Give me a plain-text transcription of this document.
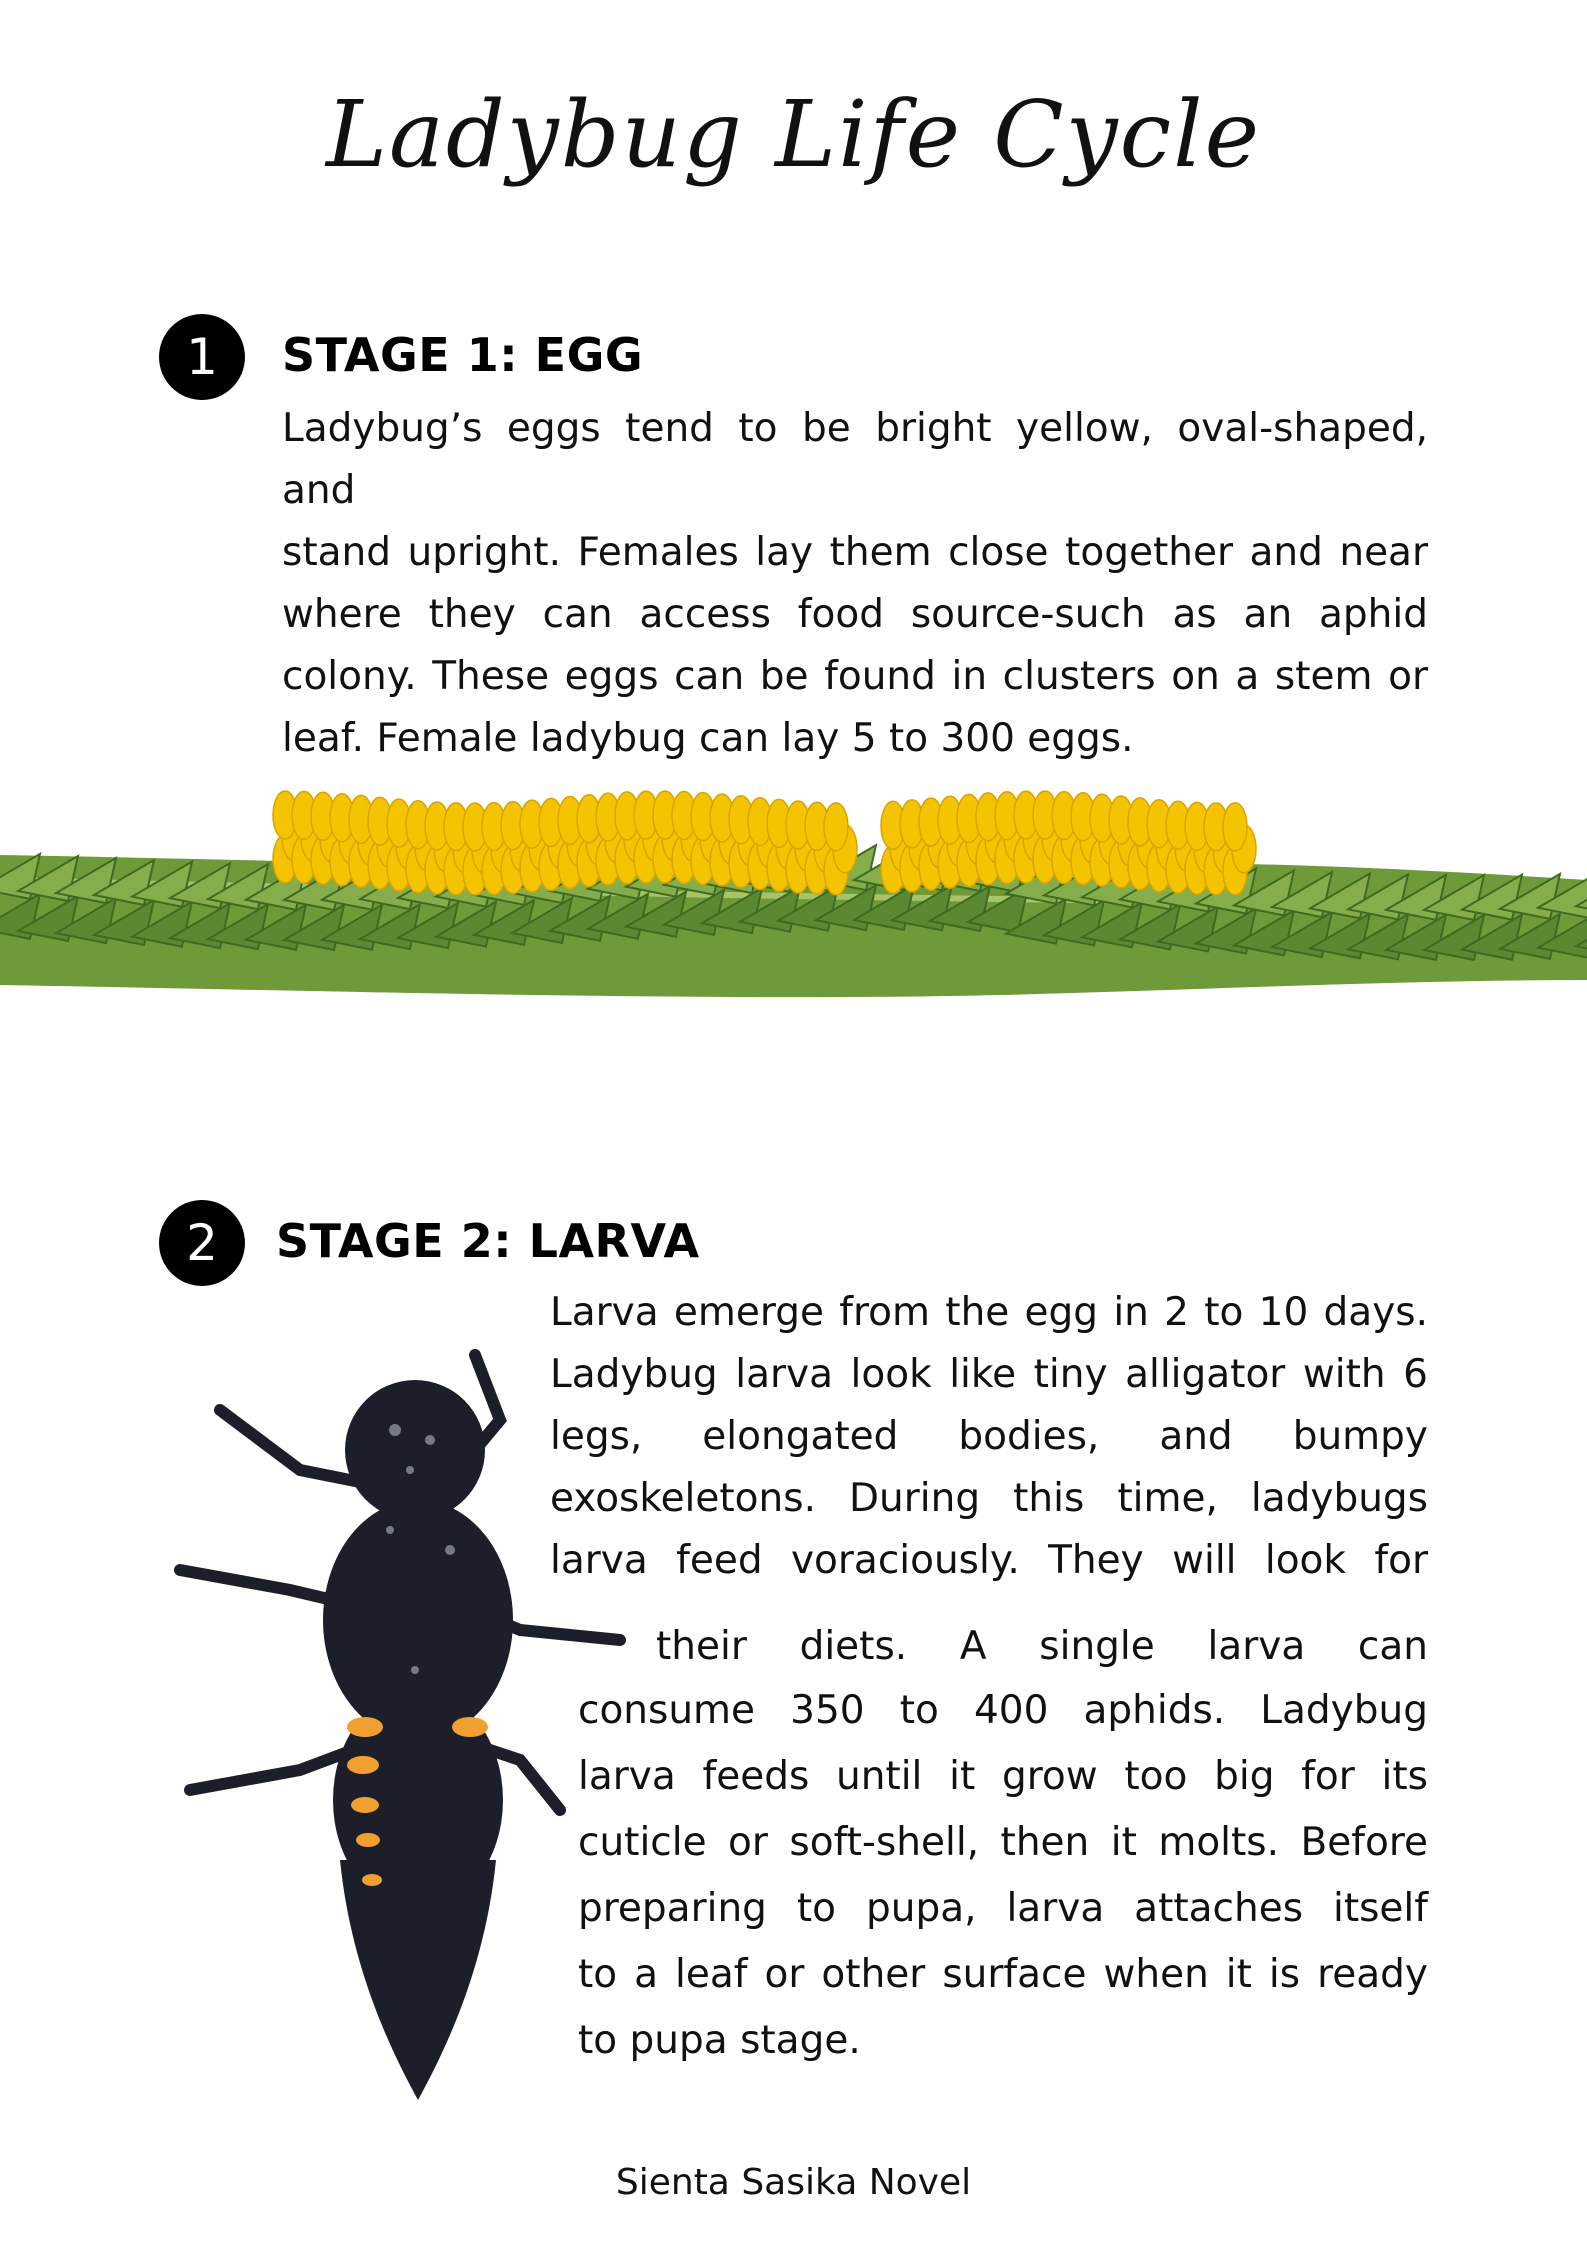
Ladybug Life Cycle
1	STAGE 1: EGG
Ladybug’s eggs tend to be bright yellow, oval-shaped, and
stand upright. Females lay them close together and near
where they can access food source-such as an aphid
colony. These eggs can be found in clusters on a stem or
leaf. Female ladybug can lay 5 to 300 eggs.
2	STAGE 2: LARVA
Larva emerge from the egg in 2 to 10 days.
Ladybug larva look like tiny alligator with 6
legs, elongated bodies, and bumpy
exoskeletons. During this time, ladybugs
larva feed voraciously. They will look for
their diets. A single larva can
consume 350 to 400 aphids. Ladybug
larva feeds until it grow too big for its
cuticle or soft-shell, then it molts. Before
preparing to pupa, larva attaches itself
to a leaf or other surface when it is ready
to pupa stage.
Sienta Sasika Novel
